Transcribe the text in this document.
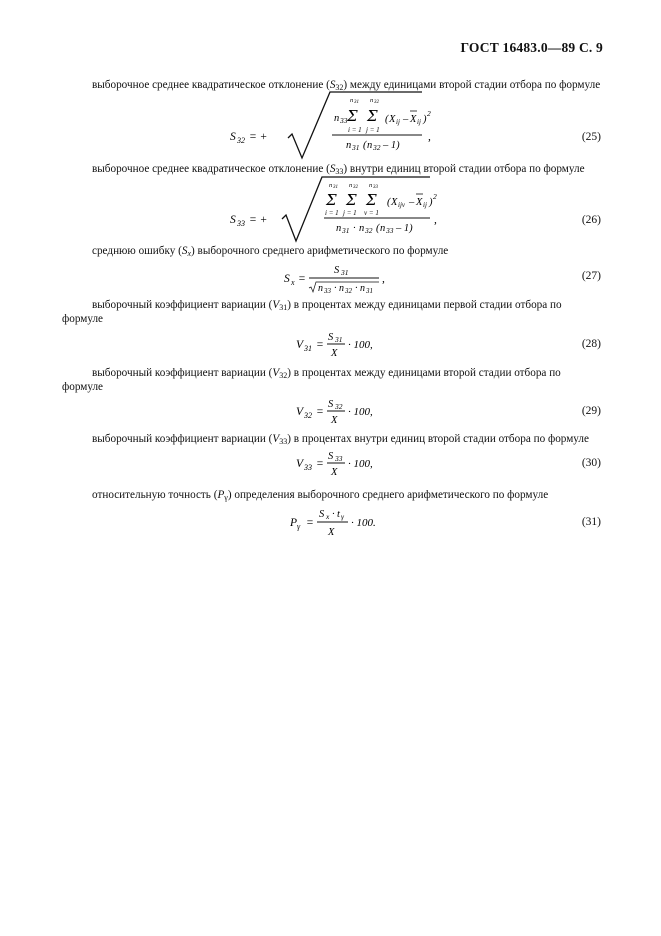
ГОСТ 16483.0—89 С. 9
выборочное среднее квадратическое отклонение $(S_{32})$ между единицами второй стадии отбора по формуле
S 32 = +
n 33
n 31
Σ
i = 1
n 32
Σ
j = 1
( X ij – X ij )
2
n 31 ( n 32 – 1)
,	(25)
выборочное среднее квадратическое отклонение $(S_{33})$ внутри единиц второй стадии отбора по формуле
S 33 = +
n 31
Σ
i = 1
n 32
Σ
j = 1
n 33
Σ
ν = 1
( X ijν – X ij )
2
n 31 · n 32 ( n 33 – 1)
,	(26)
среднюю ошибку $(S_x)$ выборочного среднего арифметического по формуле
S x =
S 31
n 33 · n 32 · n 31
,	(27)
выборочный коэффициент вариации $(V_{31})$ в процентах между единицами первой стадии отбора по
формуле
V 31 =
S 31
X
· 100,	(28)
выборочный коэффициент вариации $(V_{32})$ в процентах между единицами второй стадии отбора по
формуле
V 32 =
S 32
X
· 100,	(29)
выборочный коэффициент вариации $(V_{33})$ в процентах внутри единиц второй стадии отбора по формуле
V 33 =
S 33
X
· 100,	(30)
относительную точность $(P_\gamma)$ определения выборочного среднего арифметического по формуле
P γ =
S x · t γ
X
· 100.	(31)
